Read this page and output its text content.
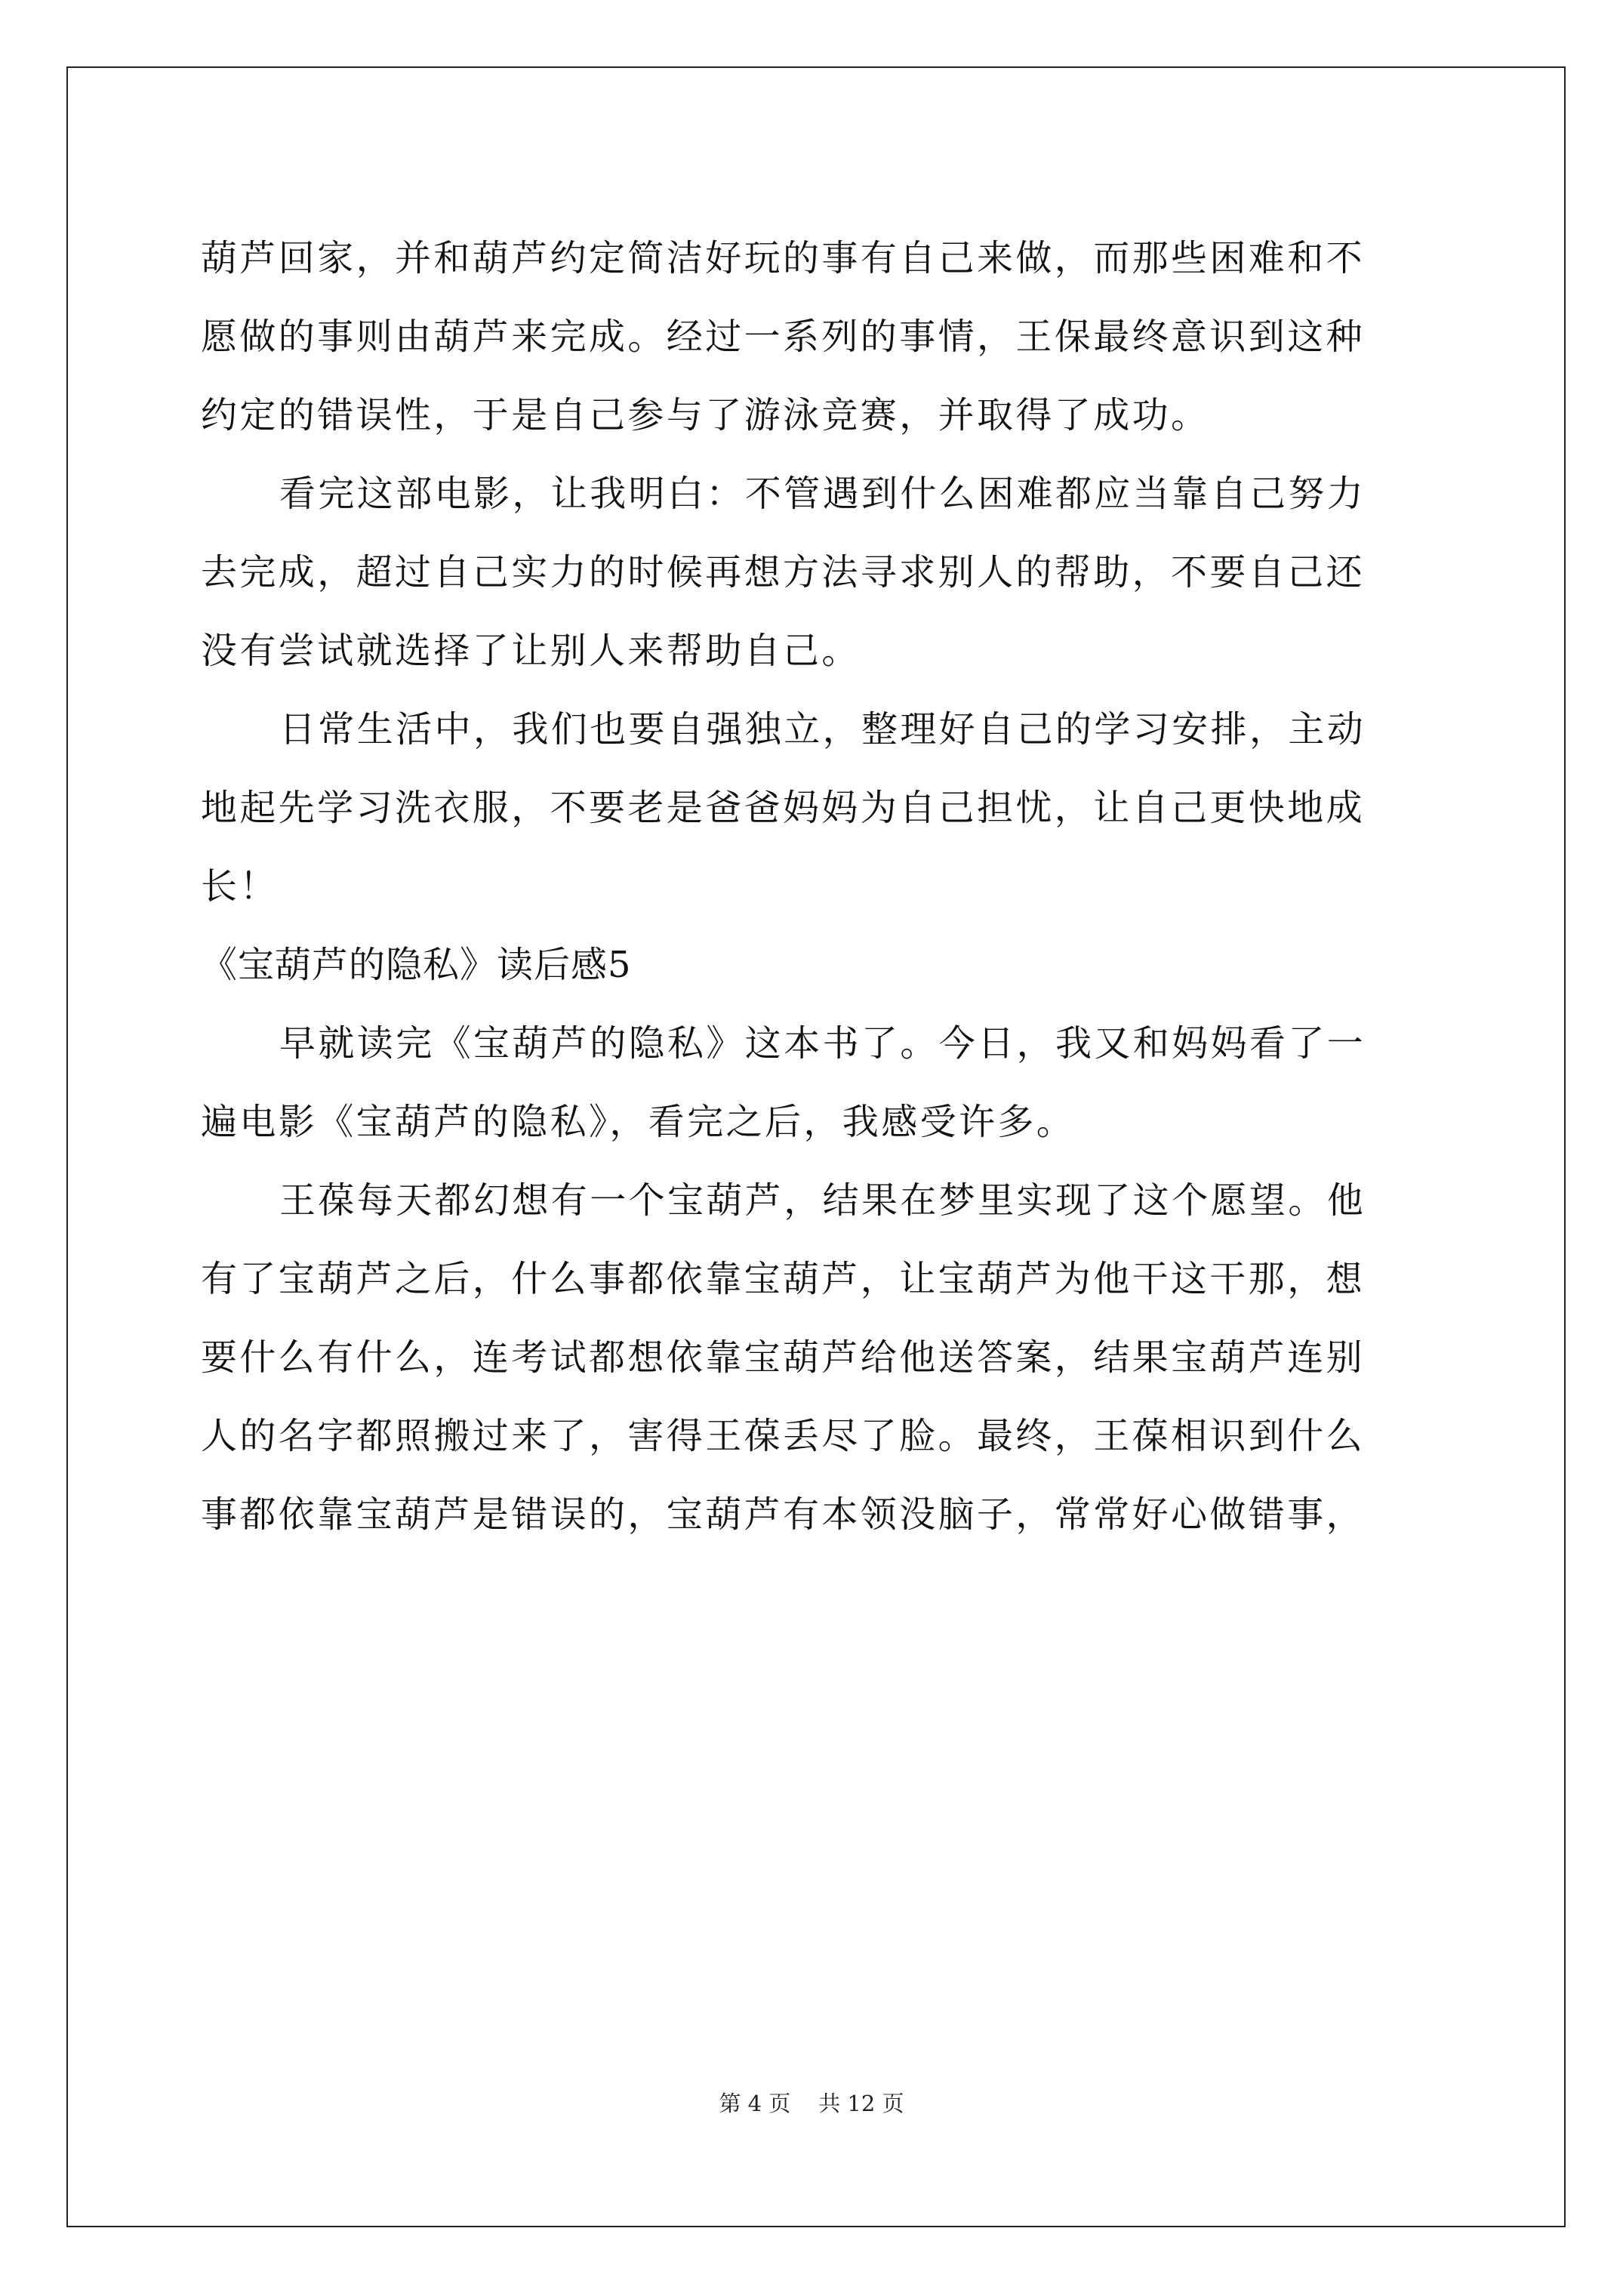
葫芦回家，并和葫芦约定简洁好玩的事有自己来做，而那些困难和不
愿做的事则由葫芦来完成。经过一系列的事情，王保最终意识到这种
约定的错误性，于是自己参与了游泳竞赛，并取得了成功。
看完这部电影，让我明白：不管遇到什么困难都应当靠自己努力
去完成，超过自己实力的时候再想方法寻求别人的帮助，不要自己还
没有尝试就选择了让别人来帮助自己。
日常生活中，我们也要自强独立，整理好自己的学习安排，主动
地起先学习洗衣服，不要老是爸爸妈妈为自己担忧，让自己更快地成
长！
《宝葫芦的隐私》读后感5
早就读完《宝葫芦的隐私》这本书了。今日，我又和妈妈看了一
遍电影《宝葫芦的隐私》，看完之后，我感受许多。
王葆每天都幻想有一个宝葫芦，结果在梦里实现了这个愿望。他
有了宝葫芦之后，什么事都依靠宝葫芦，让宝葫芦为他干这干那，想
要什么有什么，连考试都想依靠宝葫芦给他送答案，结果宝葫芦连别
人的名字都照搬过来了，害得王葆丢尽了脸。最终，王葆相识到什么
事都依靠宝葫芦是错误的，宝葫芦有本领没脑子，常常好心做错事，
第 4 页    共 12 页
